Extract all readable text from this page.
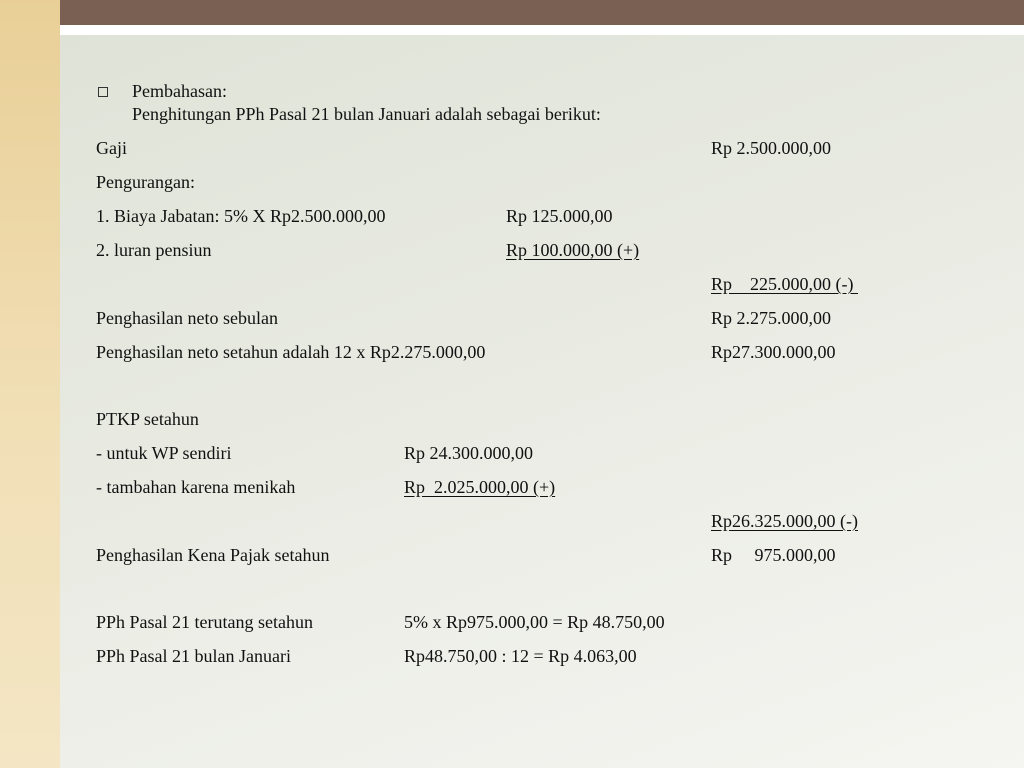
Pembahasan:
Penghitungan PPh Pasal 21 bulan Januari adalah sebagai berikut:
Gaji	Rp 2.500.000,00
Pengurangan:
1. Biaya Jabatan: 5% X Rp2.500.000,00	Rp 125.000,00
2. luran pensiun	Rp 100.000,00 (+)
Rp    225.000,00 (-)
Penghasilan neto sebulan	Rp 2.275.000,00
Penghasilan neto setahun adalah 12 x Rp2.275.000,00	Rp27.300.000,00
PTKP setahun
- untuk WP sendiri	Rp 24.300.000,00
- tambahan karena menikah	Rp  2.025.000,00 (+)
Rp26.325.000,00 (-)
Penghasilan Kena Pajak setahun	Rp     975.000,00
PPh Pasal 21 terutang setahun	5% x Rp975.000,00 = Rp 48.750,00
PPh Pasal 21 bulan Januari	Rp48.750,00 : 12 = Rp 4.063,00
